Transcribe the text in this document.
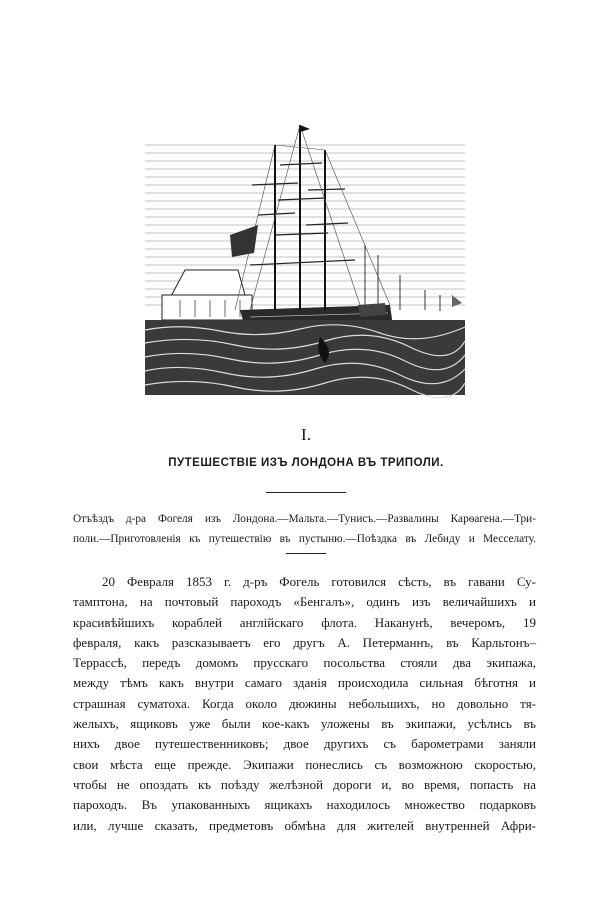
I.
ПУТЕШЕСТВІЕ ИЗЪ ЛОНДОНА ВЪ ТРИПОЛИ.
Отъѣздъ д-ра Фогеля изъ Лондона.—Мальта.—Тунисъ.—Развалины Карѳагена.—Три-
поли.—Приготовленія къ путешествію въ пустыню.—Поѣздка въ Лебиду и Месселату.
20 Февраля 1853 г. д-ръ Фогель готовился сѣсть, въ гавани Су-
тамптона, на почтовый пароходъ «Бенгалъ», одинъ изъ величайшихъ и
красивѣйшихъ кораблей англійскаго флота. Наканунѣ, вечеромъ, 19
февраля, какъ разсказываетъ его другъ А. Петерманнъ, въ Карльтонъ–
Террассѣ, передъ домомъ прусскаго посольства стояли два экипажа,
между тѣмъ какъ внутри самаго зданія происходила сильная бѣготня и
страшная суматоха. Когда около дюжины небольшихъ, но довольно тя-
желыхъ, ящиковъ уже были кое-какъ уложены въ экипажи, усѣлись въ
нихъ двое путешественниковъ; двое другихъ съ барометрами заняли
свои мѣста еще прежде. Экипажи понеслись съ возможною скоростью,
чтобы не опоздать къ поѣзду желѣзной дороги и, во время, попасть на
пароходъ. Въ упакованныхъ ящикахъ находилось множество подарковъ
или, лучше сказать, предметовъ обмѣна для жителей внутренней Афри-
